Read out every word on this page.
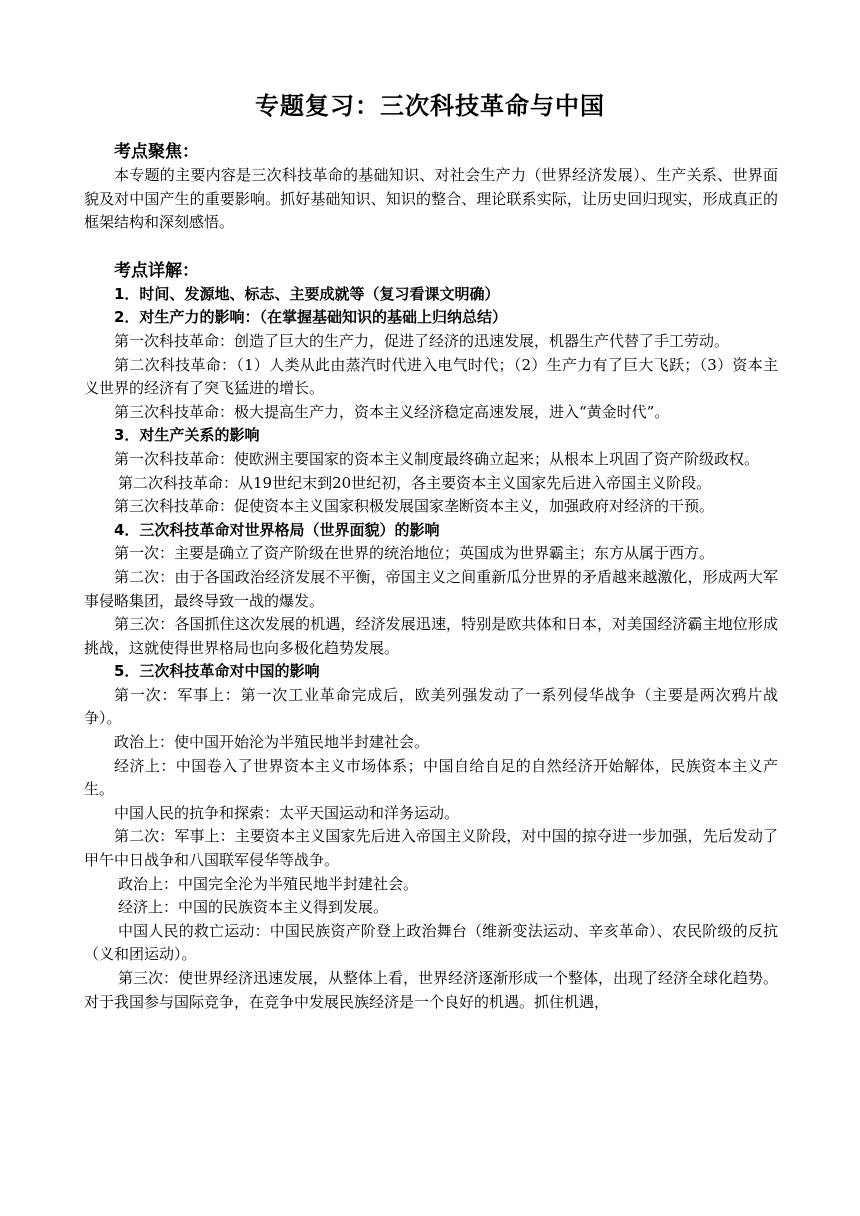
专题复习：三次科技革命与中国
考点聚焦：

本专题的主要内容是三次科技革命的基础知识、对社会生产力（世界经济发展）、生产关系、世界面貌及对中国产生的重要影响。抓好基础知识、知识的整合、理论联系实际，让历史回归现实，形成真正的框架结构和深刻感悟。

考点详解：
1．时间、发源地、标志、主要成就等（复习看课文明确）
2．对生产力的影响：（在掌握基础知识的基础上归纳总结）

第一次科技革命：创造了巨大的生产力，促进了经济的迅速发展，机器生产代替了手工劳动。

第二次科技革命：（1）人类从此由蒸汽时代进入电气时代；（2）生产力有了巨大飞跃；（3）资本主义世界的经济有了突飞猛进的增长。

第三次科技革命：极大提高生产力，资本主义经济稳定高速发展，进入“黄金时代”。

3．对生产关系的影响

第一次科技革命：使欧洲主要国家的资本主义制度最终确立起来；从根本上巩固了资产阶级政权。

第二次科技革命：从19世纪末到20世纪初，各主要资本主义国家先后进入帝国主义阶段。

第三次科技革命：促使资本主义国家积极发展国家垄断资本主义，加强政府对经济的干预。

4．三次科技革命对世界格局（世界面貌）的影响

第一次：主要是确立了资产阶级在世界的统治地位；英国成为世界霸主；东方从属于西方。

第二次：由于各国政治经济发展不平衡，帝国主义之间重新瓜分世界的矛盾越来越激化，形成两大军事侵略集团，最终导致一战的爆发。

第三次：各国抓住这次发展的机遇，经济发展迅速，特别是欧共体和日本，对美国经济霸主地位形成挑战，这就使得世界格局也向多极化趋势发展。

5．三次科技革命对中国的影响

第一次：军事上：第一次工业革命完成后，欧美列强发动了一系列侵华战争（主要是两次鸦片战争）。

政治上：使中国开始沦为半殖民地半封建社会。

经济上：中国卷入了世界资本主义市场体系；中国自给自足的自然经济开始解体，民族资本主义产生。

中国人民的抗争和探索：太平天国运动和洋务运动。

第二次：军事上：主要资本主义国家先后进入帝国主义阶段，对中国的掠夺进一步加强，先后发动了甲午中日战争和八国联军侵华等战争。

政治上：中国完全沦为半殖民地半封建社会。

经济上：中国的民族资本主义得到发展。

中国人民的救亡运动：中国民族资产阶登上政治舞台（维新变法运动、辛亥革命）、农民阶级的反抗（义和团运动）。

第三次：使世界经济迅速发展，从整体上看，世界经济逐渐形成一个整体，出现了经济全球化趋势。对于我国参与国际竞争，在竞争中发展民族经济是一个良好的机遇。抓住机遇，
